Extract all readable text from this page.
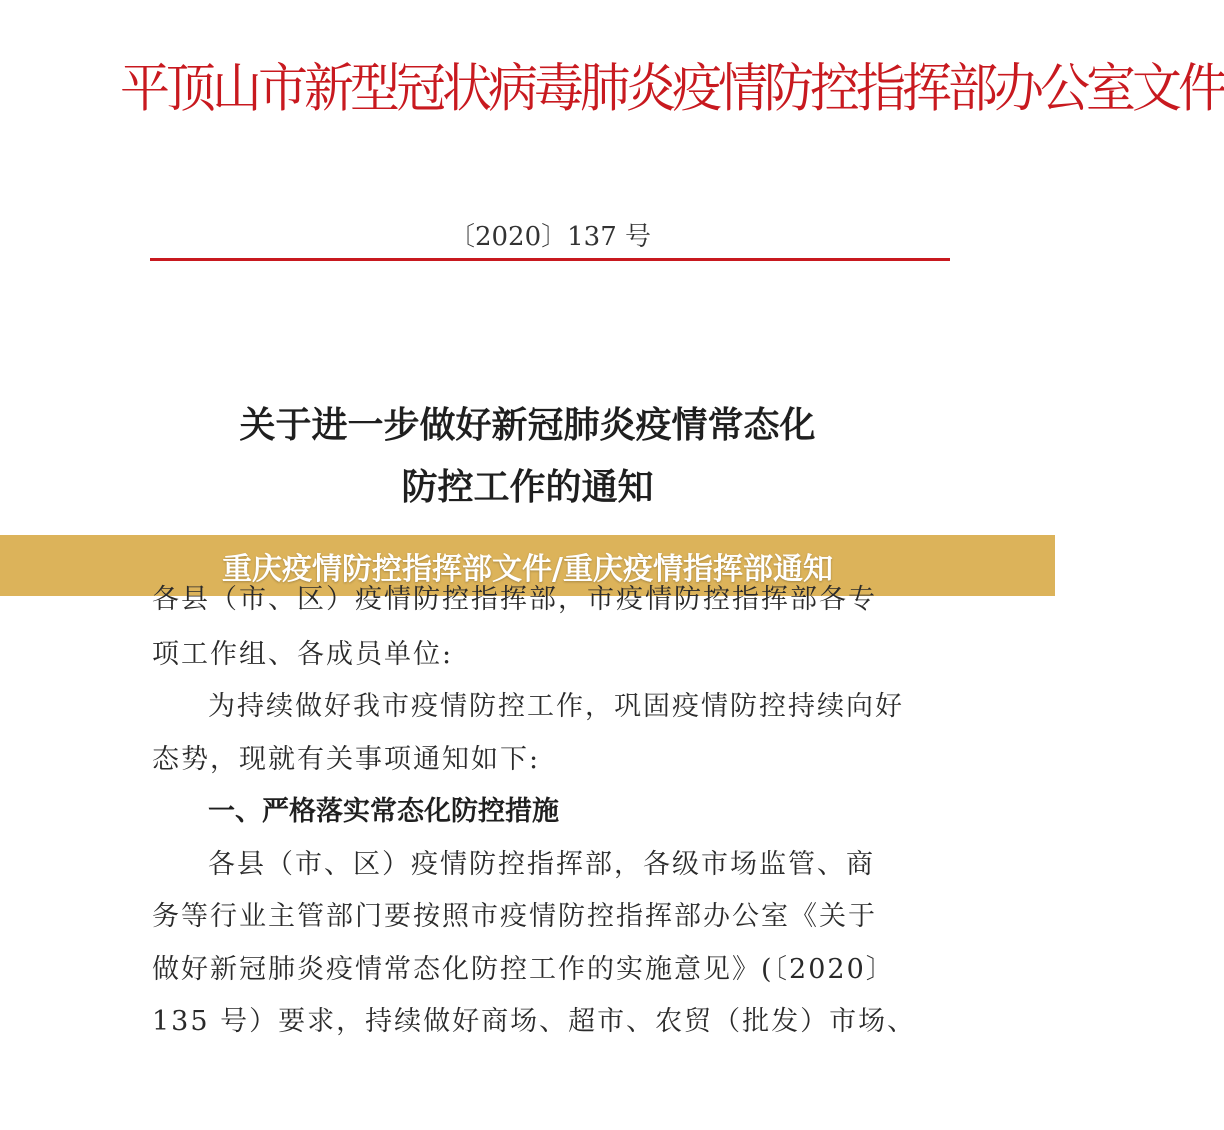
平顶山市新型冠状病毒肺炎疫情防控指挥部办公室文件
〔2020〕137 号
关于进一步做好新冠肺炎疫情常态化
防控工作的通知
重庆疫情防控指挥部文件/重庆疫情指挥部通知
各县（市、区）疫情防控指挥部，市疫情防控指挥部各专
项工作组、各成员单位:
为持续做好我市疫情防控工作，巩固疫情防控持续向好
态势，现就有关事项通知如下:
一、严格落实常态化防控措施
各县（市、区）疫情防控指挥部，各级市场监管、商
务等行业主管部门要按照市疫情防控指挥部办公室《关于
做好新冠肺炎疫情常态化防控工作的实施意见》(〔2020〕
135 号）要求，持续做好商场、超市、农贸（批发）市场、
